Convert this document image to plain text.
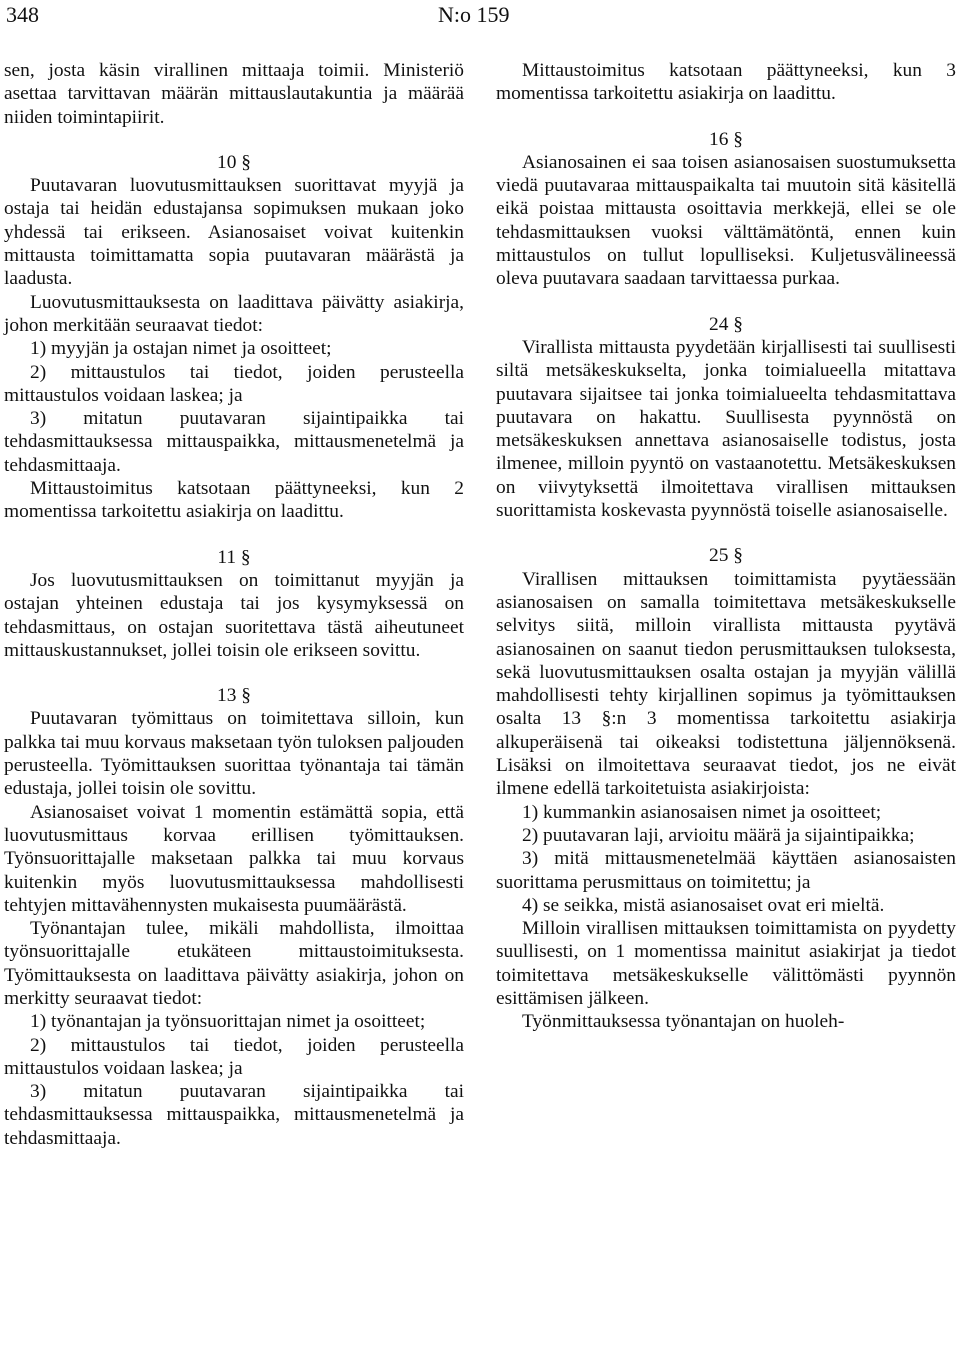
348	N:o 159

sen, josta käsin virallinen mittaaja toimii. Ministeriö asettaa tarvittavan määrän mittauslautakuntia ja määrää niiden toimintapiirit.

10 §

Puutavaran luovutusmittauksen suorittavat myyjä ja ostaja tai heidän edustajansa sopimuksen mukaan joko yhdessä tai erikseen. Asianosaiset voivat kuitenkin mittausta toimittamatta sopia puutavaran määrästä ja laadusta.

Luovutusmittauksesta on laadittava päivätty asiakirja, johon merkitään seuraavat tiedot:

1) myyjän ja ostajan nimet ja osoitteet;

2) mittaustulos tai tiedot, joiden perusteella mittaustulos voidaan laskea; ja

3) mitatun puutavaran sijaintipaikka tai tehdasmittauksessa mittauspaikka, mittausmenetelmä ja tehdasmittaaja.

Mittaustoimitus katsotaan päättyneeksi, kun 2 momentissa tarkoitettu asiakirja on laadittu.

11 §

Jos luovutusmittauksen on toimittanut myyjän ja ostajan yhteinen edustaja tai jos kysymyksessä on tehdasmittaus, on ostajan suoritettava tästä aiheutuneet mittauskustannukset, jollei toisin ole erikseen sovittu.

13 §

Puutavaran työmittaus on toimitettava silloin, kun palkka tai muu korvaus maksetaan työn tuloksen paljouden perusteella. Työmittauksen suorittaa työnantaja tai tämän edustaja, jollei toisin ole sovittu.

Asianosaiset voivat 1 momentin estämättä sopia, että luovutusmittaus korvaa erillisen työmittauksen. Työnsuorittajalle maksetaan palkka tai muu korvaus kuitenkin myös luovutusmittauksessa mahdollisesti tehtyjen mittavähennysten mukaisesta puumäärästä.

Työnantajan tulee, mikäli mahdollista, ilmoittaa työnsuorittajalle etukäteen mittaustoimituksesta. Työmittauksesta on laadittava päivätty asiakirja, johon on merkitty seuraavat tiedot:

1) työnantajan ja työnsuorittajan nimet ja osoitteet;

2) mittaustulos tai tiedot, joiden perusteella mittaustulos voidaan laskea; ja

3) mitatun puutavaran sijaintipaikka tai tehdasmittauksessa mittauspaikka, mittausmenetelmä ja tehdasmittaaja.

Mittaustoimitus katsotaan päättyneeksi, kun 3 momentissa tarkoitettu asiakirja on laadittu.

16 §

Asianosainen ei saa toisen asianosaisen suostumuksetta viedä puutavaraa mittauspaikalta tai muutoin sitä käsitellä eikä poistaa mittausta osoittavia merkkejä, ellei se ole tehdasmittauksen vuoksi välttämätöntä, ennen kuin mittaustulos on tullut lopulliseksi. Kuljetusvälineessä oleva puutavara saadaan tarvittaessa purkaa.

24 §

Virallista mittausta pyydetään kirjallisesti tai suullisesti siltä metsäkeskukselta, jonka toimialueella mitattava puutavara sijaitsee tai jonka toimialueelta tehdasmitattava puutavara on hakattu. Suullisesta pyynnöstä on metsäkeskuksen annettava asianosaiselle todistus, josta ilmenee, milloin pyyntö on vastaanotettu. Metsäkeskuksen on viivytyksettä ilmoitettava virallisen mittauksen suorittamista koskevasta pyynnöstä toiselle asianosaiselle.

25 §

Virallisen mittauksen toimittamista pyytäessään asianosaisen on samalla toimitettava metsäkeskukselle selvitys siitä, milloin virallista mittausta pyytävä asianosainen on saanut tiedon perusmittauksen tuloksesta, sekä luovutusmittauksen osalta ostajan ja myyjän välillä mahdollisesti tehty kirjallinen sopimus ja työmittauksen osalta 13 §:n 3 momentissa tarkoitettu asiakirja alkuperäisenä tai oikeaksi todistettuna jäljennöksenä. Lisäksi on ilmoitettava seuraavat tiedot, jos ne eivät ilmene edellä tarkoitetuista asiakirjoista:

1) kummankin asianosaisen nimet ja osoitteet;

2) puutavaran laji, arvioitu määrä ja sijaintipaikka;

3) mitä mittausmenetelmää käyttäen asianosaisten suorittama perusmittaus on toimitettu; ja

4) se seikka, mistä asianosaiset ovat eri mieltä.

Milloin virallisen mittauksen toimittamista on pyydetty suullisesti, on 1 momentissa mainitut asiakirjat ja tiedot toimitettava metsäkeskukselle välittömästi pyynnön esittämisen jälkeen.

Työnmittauksessa työnantajan on huoleh-
